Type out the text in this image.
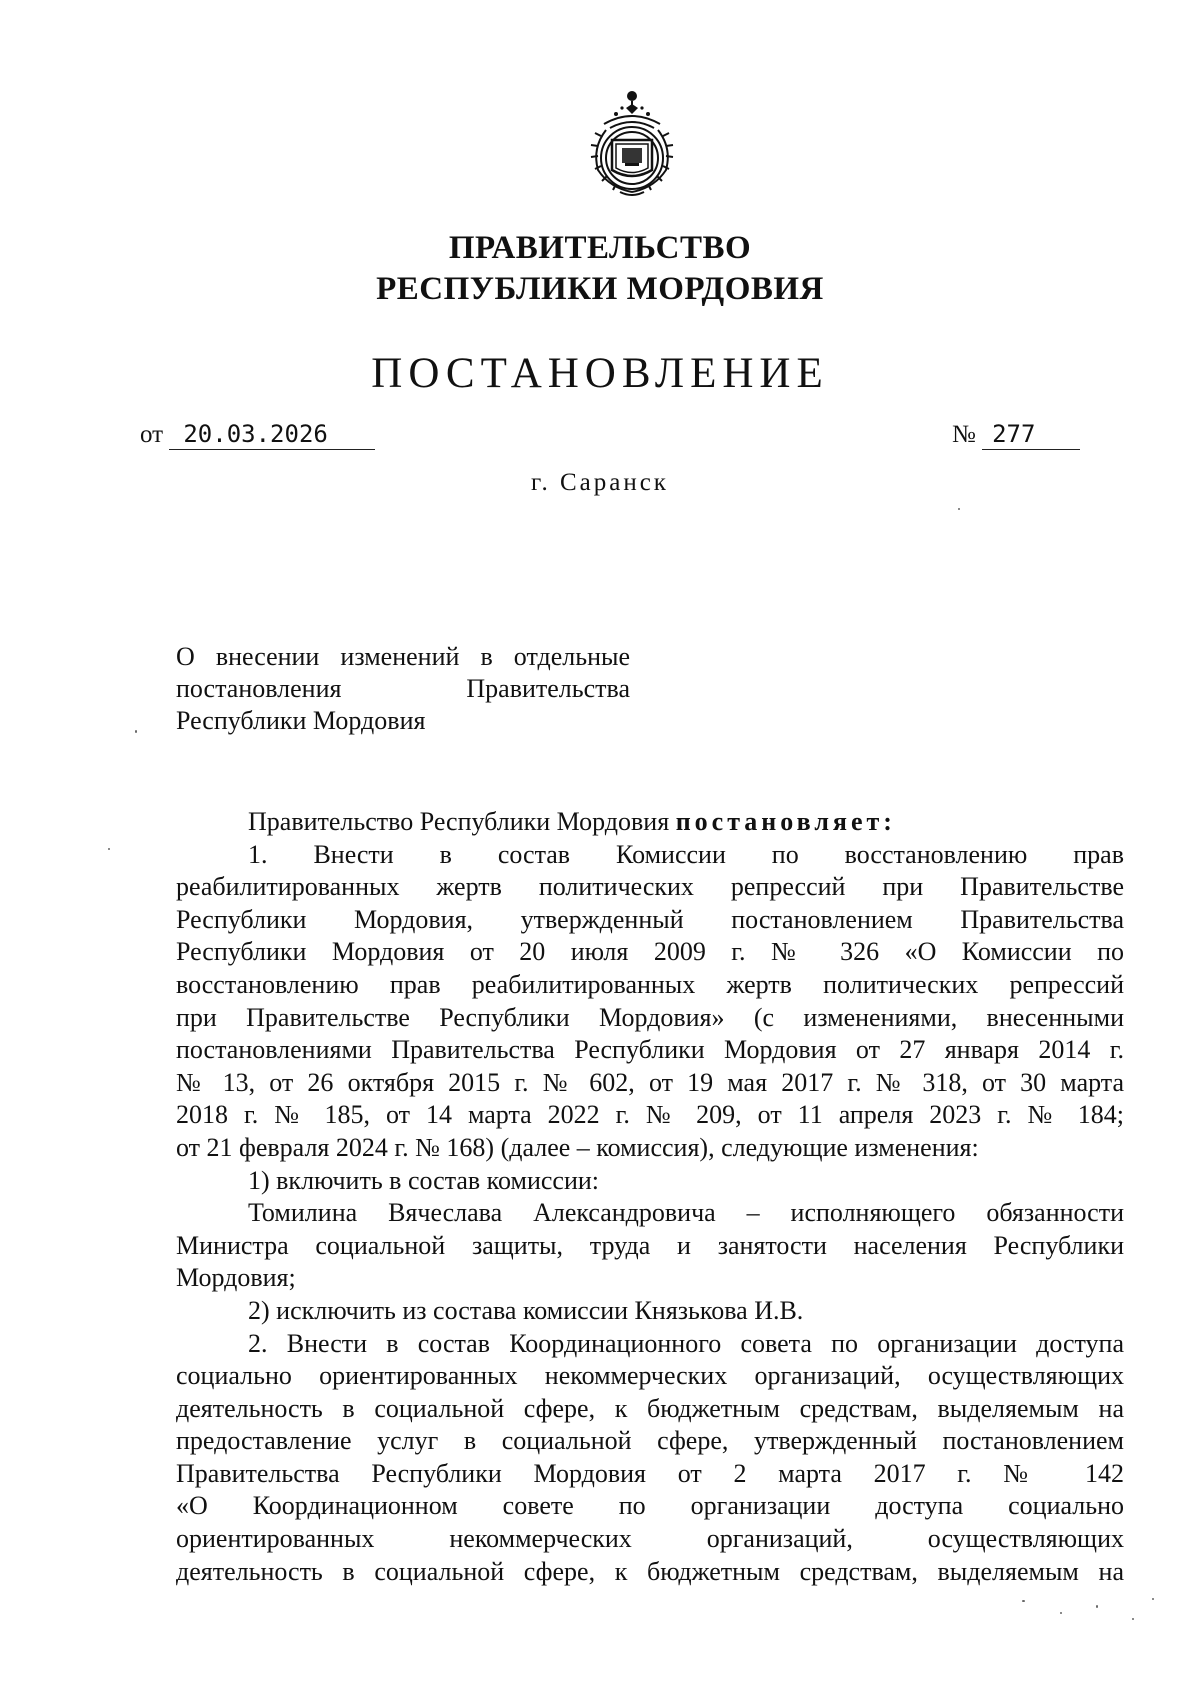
ПРАВИТЕЛЬСТВО
РЕСПУБЛИКИ МОРДОВИЯ
ПОСТАНОВЛЕНИЕ
от 20.03.2026	№ 277
г. Саранск
О внесении изменений в отдельные
постановления Правительства
Республики Мордовия

Правительство Республики Мордовия постановляет:

1. Внести в состав Комиссии по восстановлению прав
реабилитированных жертв политических репрессий при Правительстве
Республики Мордовия, утвержденный постановлением Правительства
Республики Мордовия от 20 июля 2009 г. № 326 «О Комиссии по
восстановлению прав реабилитированных жертв политических репрессий
при Правительстве Республики Мордовия» (с изменениями, внесенными
постановлениями Правительства Республики Мордовия от 27 января 2014 г.
№ 13, от 26 октября 2015 г. № 602, от 19 мая 2017 г. № 318, от 30 марта
2018 г. № 185, от 14 марта 2022 г. № 209, от 11 апреля 2023 г. № 184;
от 21 февраля 2024 г. № 168) (далее – комиссия), следующие изменения:

1) включить в состав комиссии:

Томилина Вячеслава Александровича – исполняющего обязанности
Министра социальной защиты, труда и занятости населения Республики
Мордовия;

2) исключить из состава комиссии Князькова И.В.

2. Внести в состав Координационного совета по организации доступа
социально ориентированных некоммерческих организаций, осуществляющих
деятельность в социальной сфере, к бюджетным средствам, выделяемым на
предоставление услуг в социальной сфере, утвержденный постановлением
Правительства Республики Мордовия от 2 марта 2017 г. № 142
«О Координационном совете по организации доступа социально
ориентированных некоммерческих организаций, осуществляющих
деятельность в социальной сфере, к бюджетным средствам, выделяемым на
